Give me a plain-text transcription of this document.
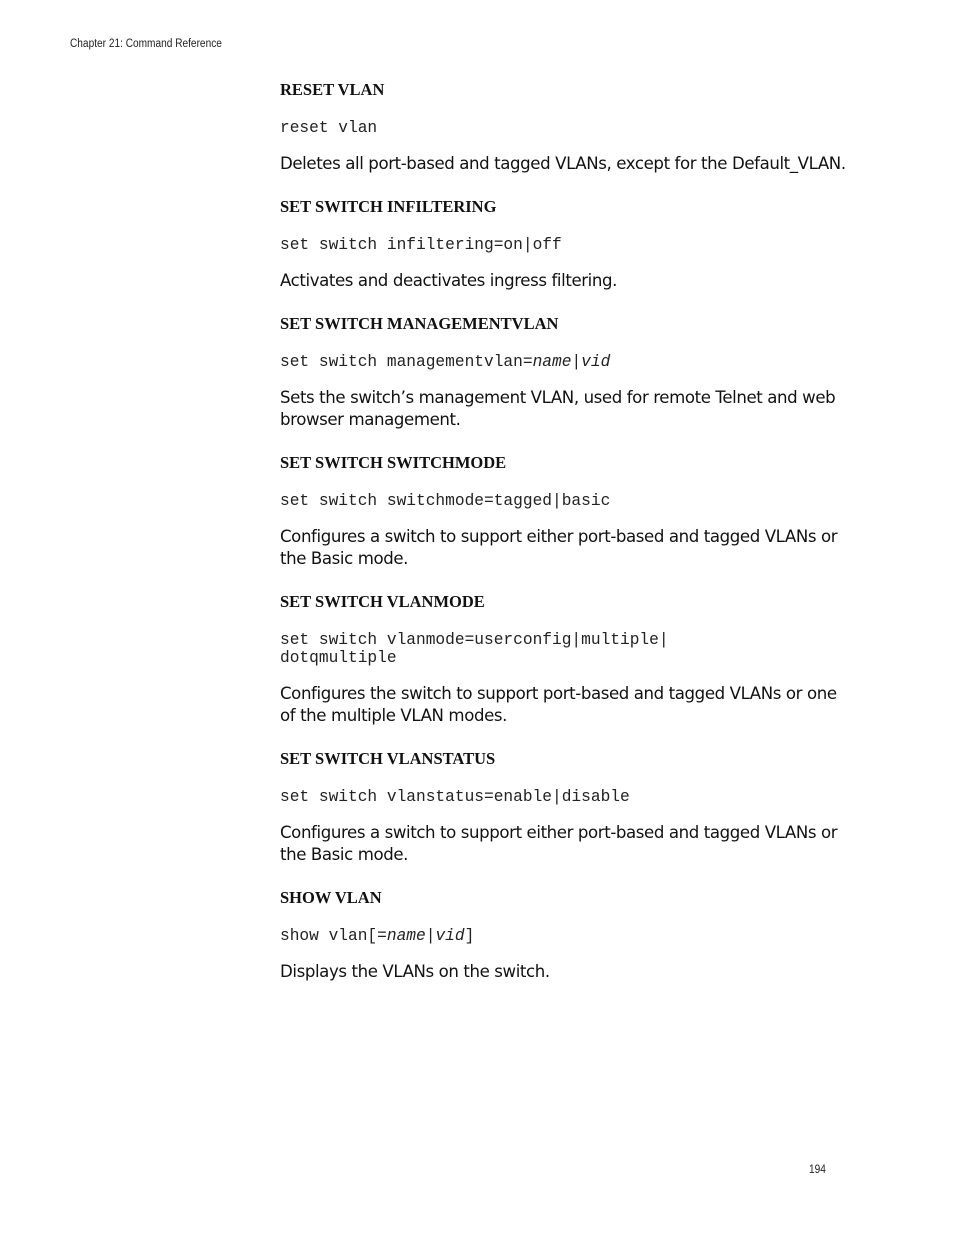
Chapter 21: Command Reference
RESET VLAN
reset vlan

Deletes all port-based and tagged VLANs, except for the Default_VLAN.

SET SWITCH INFILTERING
set switch infiltering=on|off

Activates and deactivates ingress filtering.

SET SWITCH MANAGEMENTVLAN
set switch managementvlan=name|vid

Sets the switch’s management VLAN, used for remote Telnet and web
browser management.

SET SWITCH SWITCHMODE
set switch switchmode=tagged|basic

Configures a switch to support either port-based and tagged VLANs or
the Basic mode.

SET SWITCH VLANMODE
set switch vlanmode=userconfig|multiple|
dotqmultiple

Configures the switch to support port-based and tagged VLANs or one
of the multiple VLAN modes.

SET SWITCH VLANSTATUS
set switch vlanstatus=enable|disable

Configures a switch to support either port-based and tagged VLANs or
the Basic mode.

SHOW VLAN
show vlan[=name|vid]

Displays the VLANs on the switch.

194
